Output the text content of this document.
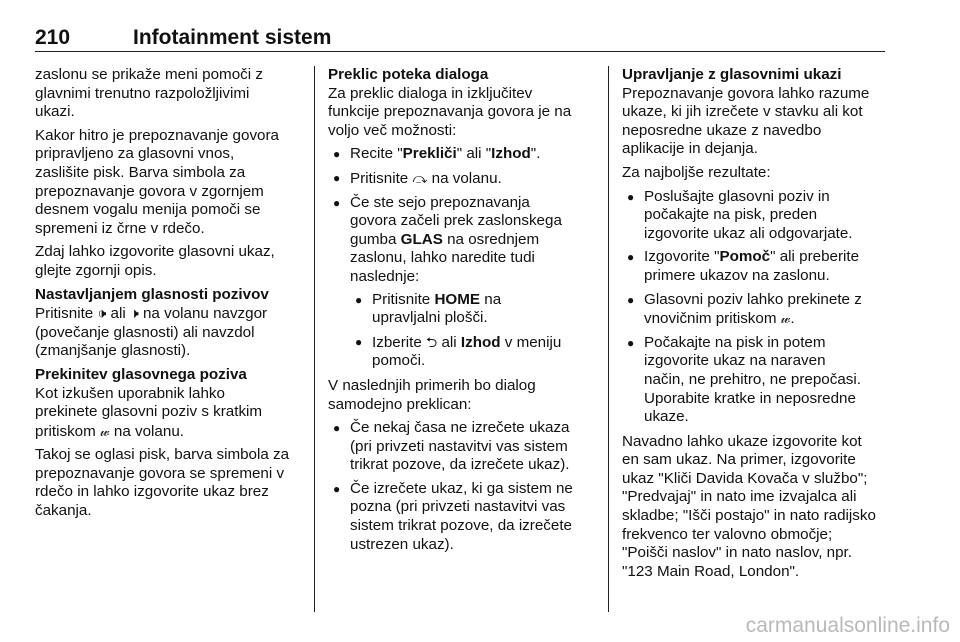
210	Infotainment sistem

zaslonu se prikaže meni pomoči z
glavnimi trenutno razpoložljivimi
ukazi.

Kakor hitro je prepoznavanje govora
pripravljeno za glasovni vnos,
zaslišite pisk. Barva simbola za
prepoznavanje govora v zgornjem
desnem vogalu menija pomoči se
spremeni iz črne v rdečo.

Zdaj lahko izgovorite glasovni ukaz,
glejte zgornji opis.

Nastavljanjem glasnosti pozivov

Pritisnite 🕩 ali 🕨 na volanu navzgor
(povečanje glasnosti) ali navzdol
(zmanjšanje glasnosti).

Prekinitev glasovnega poziva

Kot izkušen uporabnik lahko
prekinete glasovni poziv s kratkim
pritiskom 𝓌 na volanu.

Takoj se oglasi pisk, barva simbola za
prepoznavanje govora se spremeni v
rdečo in lahko izgovorite ukaz brez
čakanja.

Preklic poteka dialoga

Za preklic dialoga in izključitev
funkcije prepoznavanja govora je na
voljo več možnosti:

● Recite "Prekliči" ali "Izhod".
● Pritisnite ⤼ na volanu.
● Če ste sejo prepoznavanja
govora začeli prek zaslonskega
gumba GLAS na osrednjem
zaslonu, lahko naredite tudi
naslednje:
● Pritisnite HOME na
upravljalni plošči.
● Izberite ⮌ ali Izhod v meniju
pomoči.

V naslednjih primerih bo dialog
samodejno preklican:

● Če nekaj časa ne izrečete ukaza
(pri privzeti nastavitvi vas sistem
trikrat pozove, da izrečete ukaz).
● Če izrečete ukaz, ki ga sistem ne
pozna (pri privzeti nastavitvi vas
sistem trikrat pozove, da izrečete
ustrezen ukaz).
Upravljanje z glasovnimi ukazi

Prepoznavanje govora lahko razume
ukaze, ki jih izrečete v stavku ali kot
neposredne ukaze z navedbo
aplikacije in dejanja.

Za najboljše rezultate:

● Poslušajte glasovni poziv in
počakajte na pisk, preden
izgovorite ukaz ali odgovarjate.
● Izgovorite "Pomoč" ali preberite
primere ukazov na zaslonu.
● Glasovni poziv lahko prekinete z
vnovičnim pritiskom 𝓌.
● Počakajte na pisk in potem
izgovorite ukaz na naraven
način, ne prehitro, ne prepočasi.
Uporabite kratke in neposredne
ukaze.

Navadno lahko ukaze izgovorite kot
en sam ukaz. Na primer, izgovorite
ukaz "Kliči Davida Kovača v službo";
"Predvajaj" in nato ime izvajalca ali
skladbe; "Išči postajo" in nato radijsko
frekvenco ter valovno območje;
"Poišči naslov" in nato naslov, npr.
"123 Main Road, London".

carmanualsonline.info
